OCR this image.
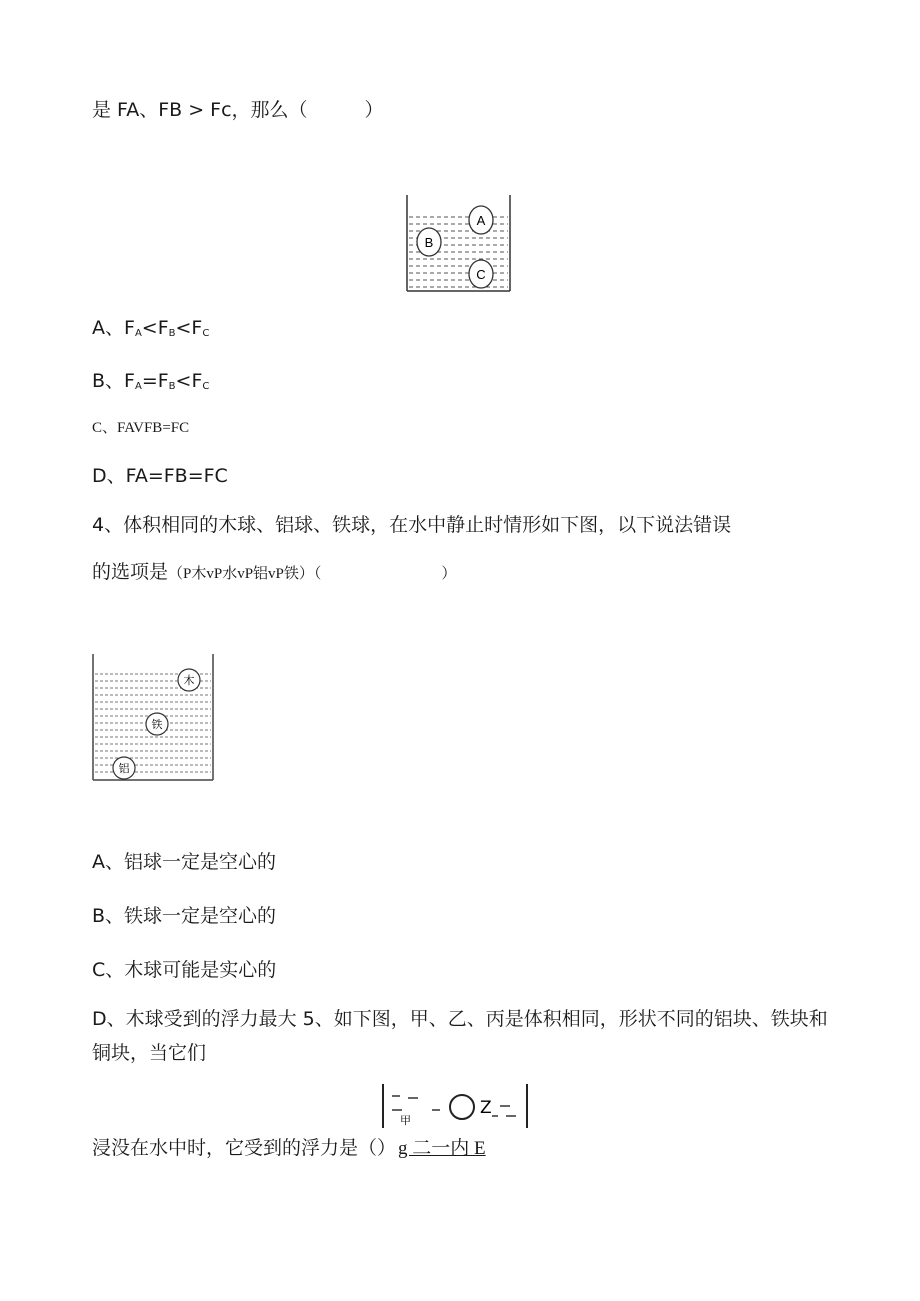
是 FA、FB > Fc，那么（　　　）
A
B
C
A、$F_A<F_B<F_C$
B、$F_A=F_B<F_C$
C、FAVFB=FC
D、FA=FB=FC
4、体积相同的木球、铝球、铁球，在水中静止时情形如下图，以下说法错误
的选项是（P木vP水vP铝vP铁）（　　　　　　　　）
木
铁
铝
A、铝球一定是空心的
B、铁球一定是空心的
C、木球可能是实心的
D、木球受到的浮力最大 5、如下图，甲、乙、丙是体积相同，形状不同的铝块、铁块和铜块，当它们
甲
Z
浸没在水中时，它受到的浮力是（） g 二一内 E
